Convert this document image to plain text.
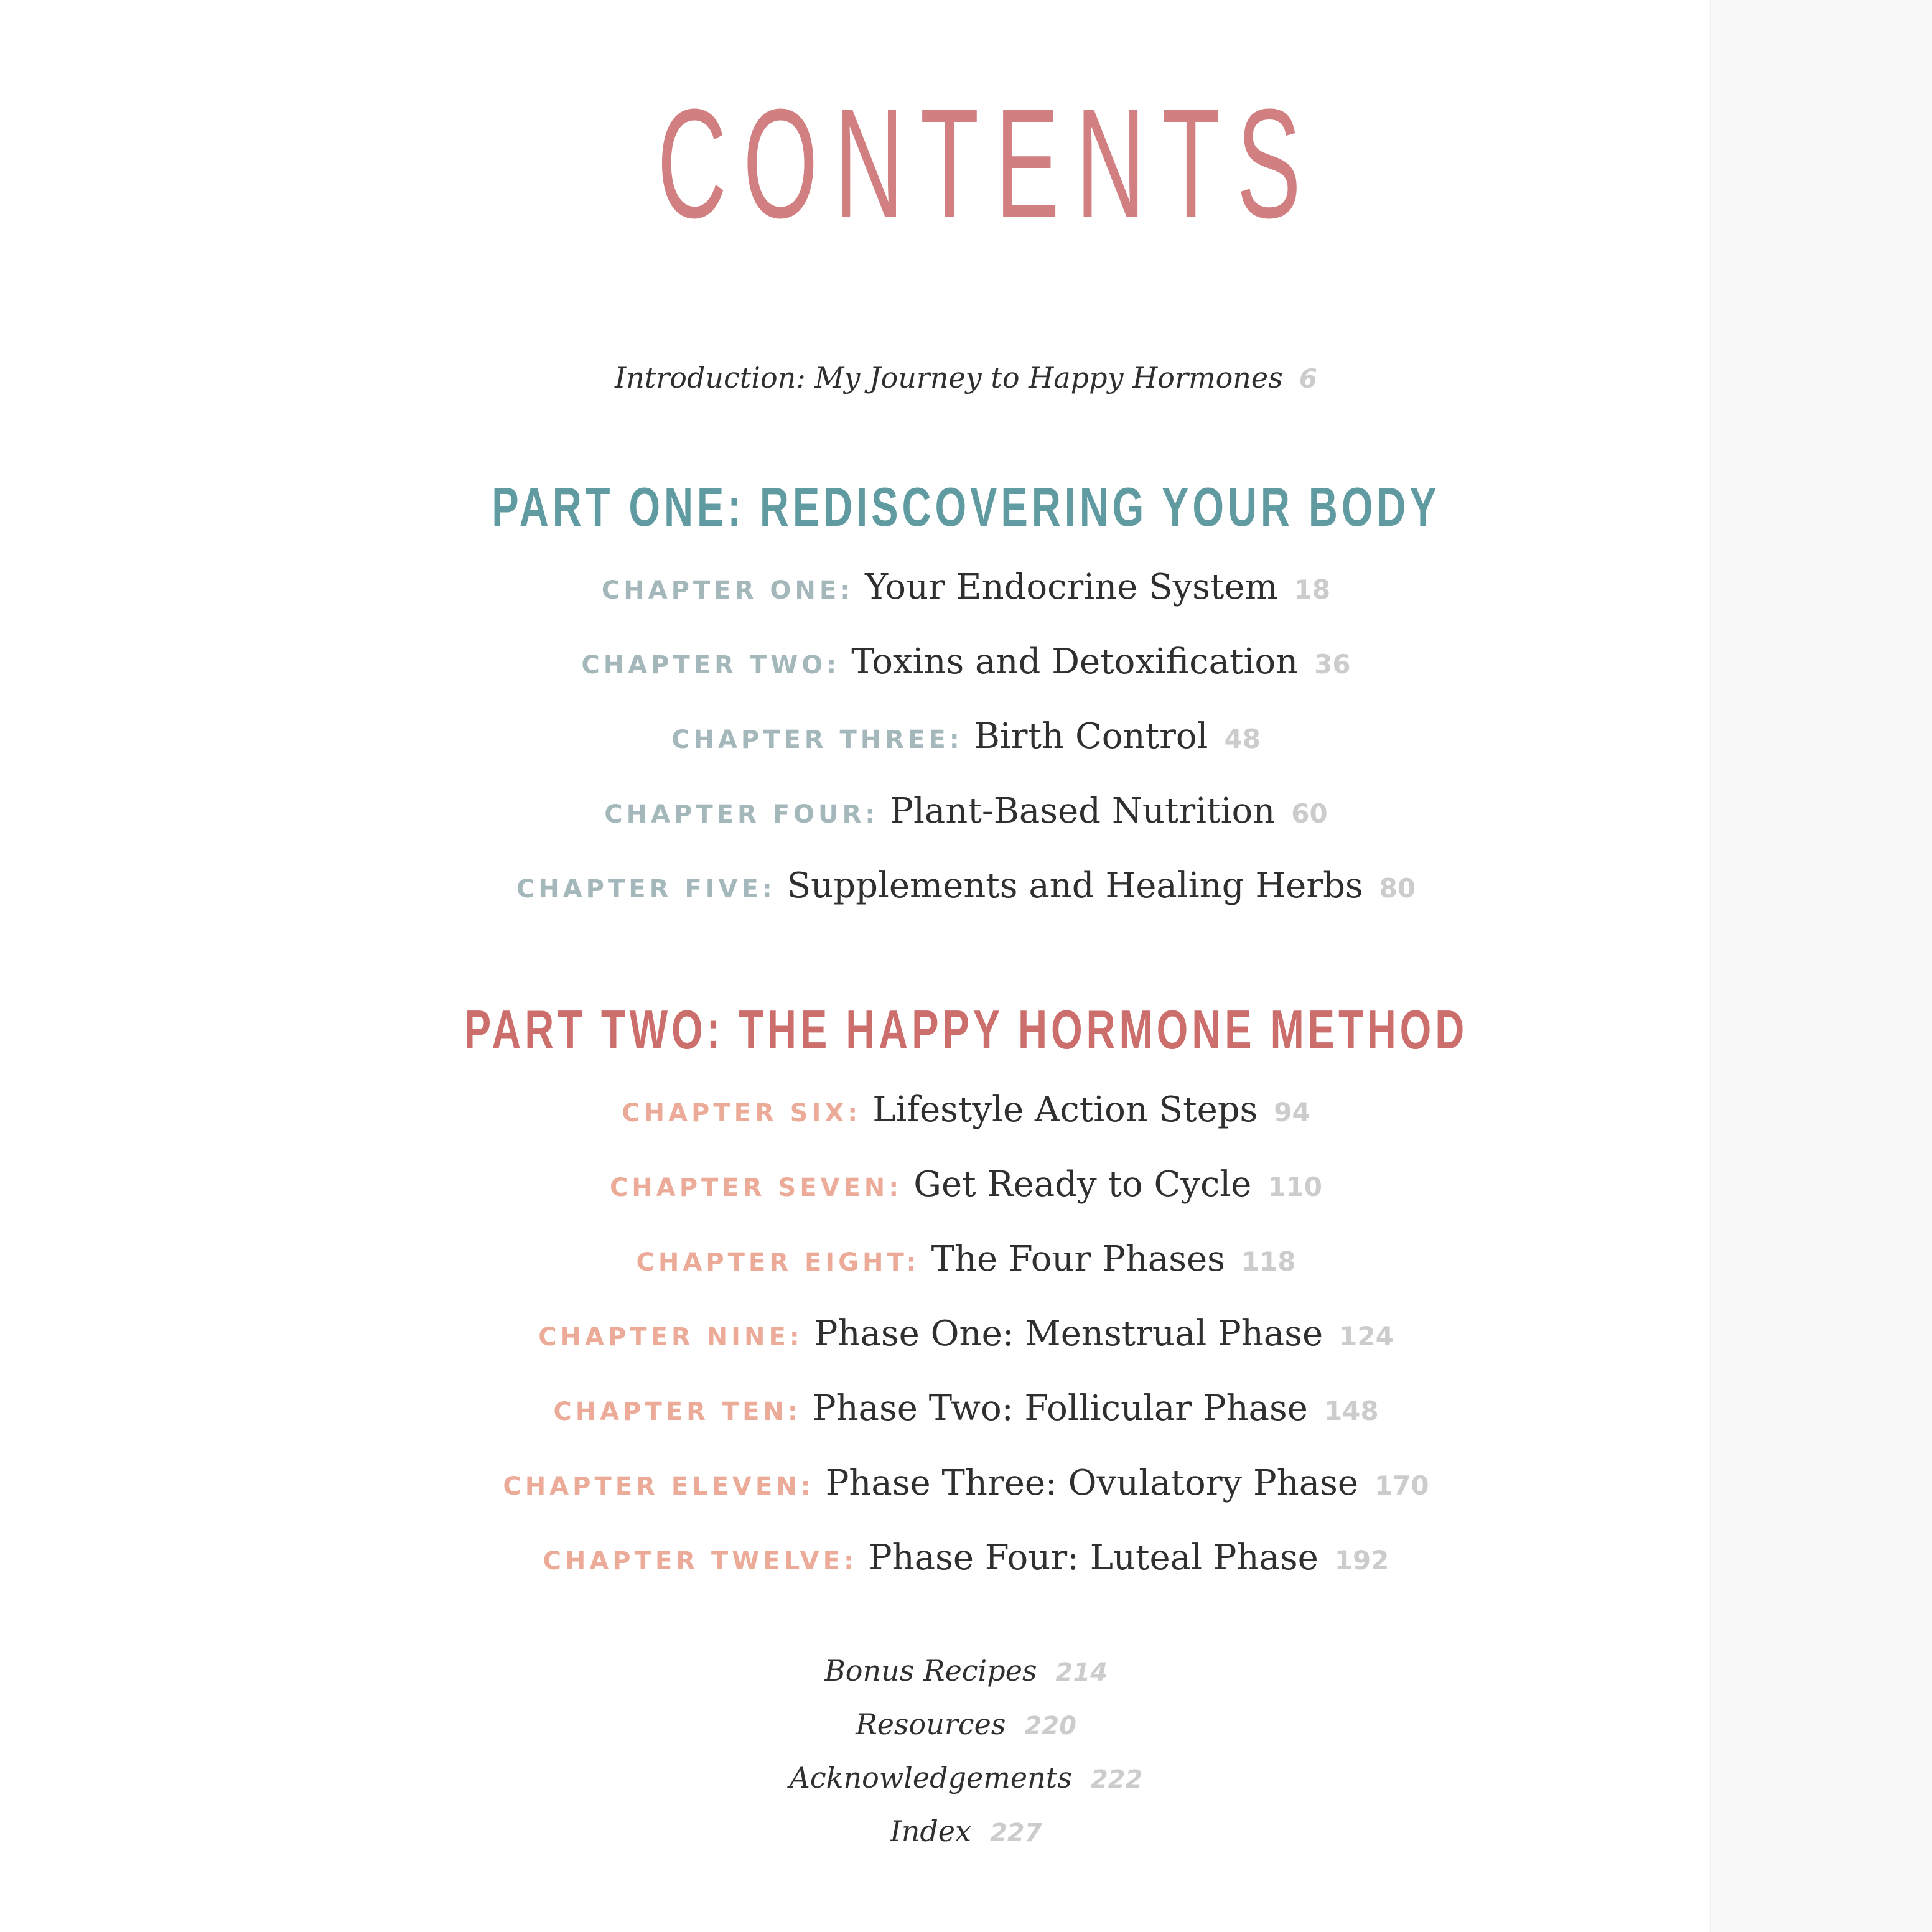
CONTENTS
Introduction: My Journey to Happy Hormones 6
PART ONE: REDISCOVERING YOUR BODY
CHAPTER ONE: Your Endocrine System 18
CHAPTER TWO: Toxins and Detoxification 36
CHAPTER THREE: Birth Control 48
CHAPTER FOUR: Plant-Based Nutrition 60
CHAPTER FIVE: Supplements and Healing Herbs 80
PART TWO: THE HAPPY HORMONE METHOD
CHAPTER SIX: Lifestyle Action Steps 94
CHAPTER SEVEN: Get Ready to Cycle 110
CHAPTER EIGHT: The Four Phases 118
CHAPTER NINE: Phase One: Menstrual Phase 124
CHAPTER TEN: Phase Two: Follicular Phase 148
CHAPTER ELEVEN: Phase Three: Ovulatory Phase 170
CHAPTER TWELVE: Phase Four: Luteal Phase 192
Bonus Recipes 214
Resources 220
Acknowledgements 222
Index 227
